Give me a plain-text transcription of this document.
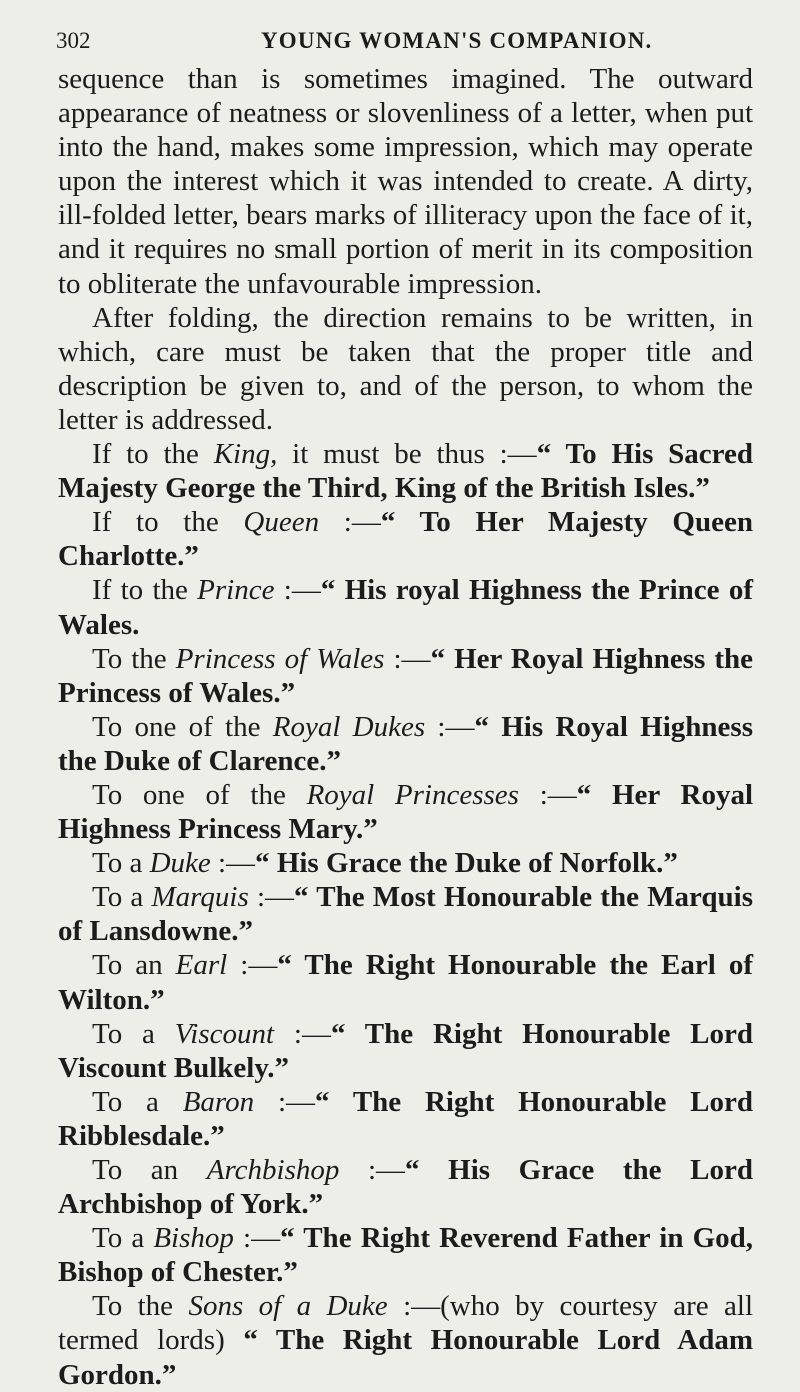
302	YOUNG WOMAN'S COMPANION.

sequence than is sometimes imagined. The outward appearance of neatness or slovenliness of a letter, when put into the hand, makes some impression, which may operate upon the interest which it was intended to create. A dirty, ill-folded letter, bears marks of illiteracy upon the face of it, and it requires no small portion of merit in its composition to obliterate the unfavourable impression.

After folding, the direction remains to be written, in which, care must be taken that the proper title and description be given to, and of the person, to whom the letter is addressed.

If to the King, it must be thus :—“ To His Sacred Majesty George the Third, King of the British Isles.”

If to the Queen :—“ To Her Majesty Queen Charlotte.”

If to the Prince :—“ His royal Highness the Prince of Wales.

To the Princess of Wales :—“ Her Royal Highness the Princess of Wales.”

To one of the Royal Dukes :—“ His Royal Highness the Duke of Clarence.”

To one of the Royal Princesses :—“ Her Royal Highness Princess Mary.”

To a Duke :—“ His Grace the Duke of Norfolk.”

To a Marquis :—“ The Most Honourable the Marquis of Lansdowne.”

To an Earl :—“ The Right Honourable the Earl of Wilton.”

To a Viscount :—“ The Right Honourable Lord Viscount Bulkely.”

To a Baron :—“ The Right Honourable Lord Ribblesdale.”

To an Archbishop :—“ His Grace the Lord Archbishop of York.”

To a Bishop :—“ The Right Reverend Father in God, Bishop of Chester.”

To the Sons of a Duke :—(who by courtesy are all termed lords) “ The Right Honourable Lord Adam Gordon.”
